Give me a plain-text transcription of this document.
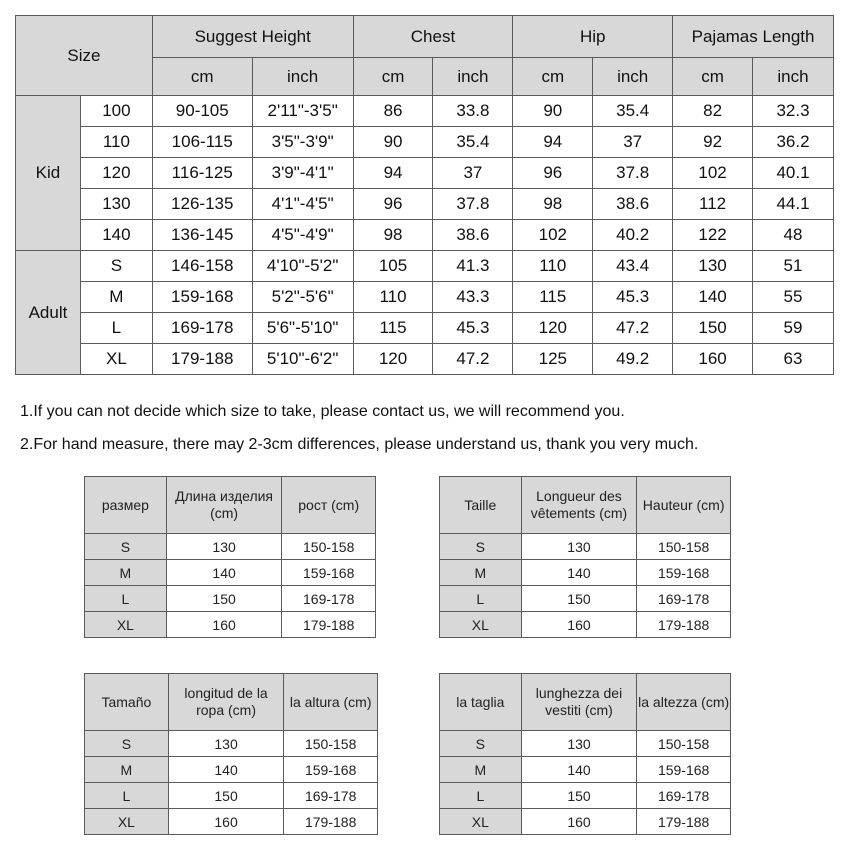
Size		Suggest Height		Chest		Hip		Pajamas Length	
		cm	inch	cm	inch	cm	inch	cm	inch
Kid	100	90-105	2'11"-3'5"	86	33.8	90	35.4	82	32.3
	110	106-115	3'5"-3'9"	90	35.4	94	37	92	36.2
	120	116-125	3'9"-4'1"	94	37	96	37.8	102	40.1
	130	126-135	4'1"-4'5"	96	37.8	98	38.6	112	44.1
	140	136-145	4'5"-4'9"	98	38.6	102	40.2	122	48
Adult	S	146-158	4'10"-5'2"	105	41.3	110	43.4	130	51
	M	159-168	5'2"-5'6"	110	43.3	115	45.3	140	55
	L	169-178	5'6"-5'10"	115	45.3	120	47.2	150	59
	XL	179-188	5'10"-6'2"	120	47.2	125	49.2	160	63
1.If you can not decide which size to take, please contact us, we will recommend you.
2.For hand measure, there may 2-3cm differences, please understand us, thank you very much.
размер	Длина изделия (cm)	рост (cm)
S	130	150-158
M	140	159-168
L	150	169-178
XL	160	179-188
Taille	Longueur des vêtements (cm)	Hauteur (cm)
S	130	150-158
M	140	159-168
L	150	169-178
XL	160	179-188
Tamaño	longitud de la ropa (cm)	la altura (cm)
S	130	150-158
M	140	159-168
L	150	169-178
XL	160	179-188
la taglia	lunghezza dei vestiti (cm)	la altezza (cm)
S	130	150-158
M	140	159-168
L	150	169-178
XL	160	179-188
